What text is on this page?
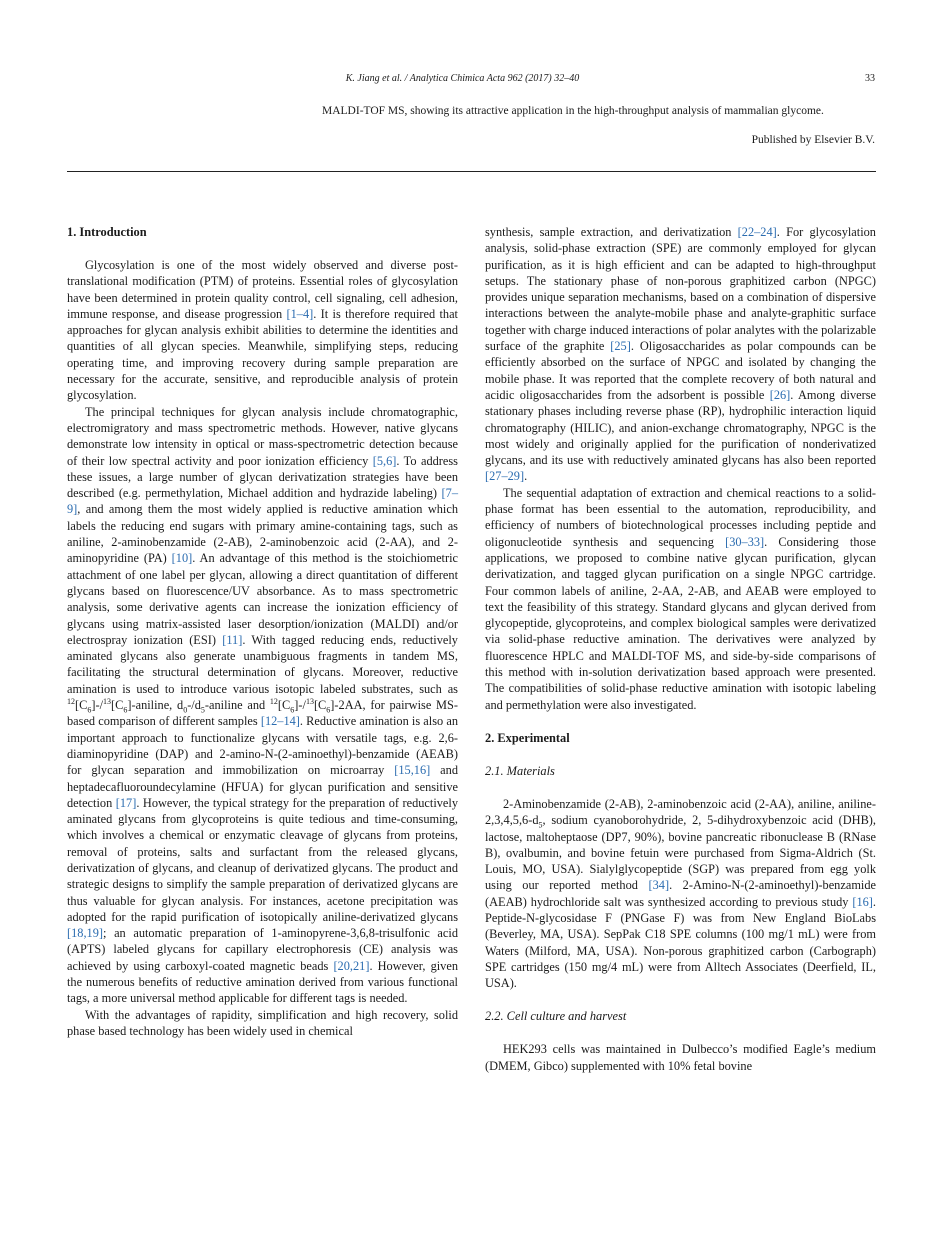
K. Jiang et al. / Analytica Chimica Acta 962 (2017) 32–40	33
MALDI-TOF MS, showing its attractive application in the high-throughput analysis of mammalian glycome.
Published by Elsevier B.V.
1. Introduction

Glycosylation is one of the most widely observed and diverse post-translational modification (PTM) of proteins. Essential roles of glycosylation have been determined in protein quality control, cell signaling, cell adhesion, immune response, and disease progression [1–4]. It is therefore required that approaches for glycan analysis exhibit abilities to determine the identities and quantities of all glycan species. Meanwhile, simplifying steps, reducing operating time, and improving recovery during sample preparation are necessary for the accurate, sensitive, and reproducible analysis of protein glycosylation.

The principal techniques for glycan analysis include chromatographic, electromigratory and mass spectrometric methods. However, native glycans demonstrate low intensity in optical or mass-spectrometric detection because of their low spectral activity and poor ionization efficiency [5,6]. To address these issues, a large number of glycan derivatization strategies have been described (e.g. permethylation, Michael addition and hydrazide labeling) [7–9], and among them the most widely applied is reductive amination which labels the reducing end sugars with primary amine-containing tags, such as aniline, 2-aminobenzamide (2-AB), 2-aminobenzoic acid (2-AA), and 2-aminopyridine (PA) [10]. An advantage of this method is the stoichiometric attachment of one label per glycan, allowing a direct quantitation of different glycans based on fluorescence/UV absorbance. As to mass spectrometric analysis, some derivative agents can increase the ionization efficiency of glycans using matrix-assisted laser desorption/ionization (MALDI) and/or electrospray ionization (ESI) [11]. With tagged reducing ends, reductively aminated glycans also generate unambiguous fragments in tandem MS, facilitating the structural determination of glycans. Moreover, reductive amination is used to introduce various isotopic labeled substrates, such as $^{12}[C_6]-/^{13}[C_6]$-aniline, $d_0-/d_5$-aniline and $^{12}[C_6]-/^{13}[C_6]-2AA$, for pairwise MS-based comparison of different samples [12–14]. Reductive amination is also an important approach to functionalize glycans with versatile tags, e.g. 2,6-diaminopyridine (DAP) and 2-amino-N-(2-aminoethyl)-benzamide (AEAB) for glycan separation and immobilization on microarray [15,16] and heptadecafluoroundecylamine (HFUA) for glycan purification and sensitive detection [17]. However, the typical strategy for the preparation of reductively aminated glycans from glycoproteins is quite tedious and time-consuming, which involves a chemical or enzymatic cleavage of glycans from proteins, removal of proteins, salts and surfactant from the released glycans, derivatization of glycans, and cleanup of derivatized glycans. The product and strategic designs to simplify the sample preparation of derivatized glycans are thus valuable for glycan analysis. For instances, acetone precipitation was adopted for the rapid purification of isotopically aniline-derivatized glycans [18,19]; an automatic preparation of 1-aminopyrene-3,6,8-trisulfonic acid (APTS) labeled glycans for capillary electrophoresis (CE) analysis was achieved by using carboxyl-coated magnetic beads [20,21]. However, given the numerous benefits of reductive amination derived from various functional tags, a more universal method applicable for different tags is needed.

With the advantages of rapidity, simplification and high recovery, solid phase based technology has been widely used in chemical

synthesis, sample extraction, and derivatization [22–24]. For glycosylation analysis, solid-phase extraction (SPE) are commonly employed for glycan purification, as it is high efficient and can be adapted to high-throughput setups. The stationary phase of non-porous graphitized carbon (NPGC) provides unique separation mechanisms, based on a combination of dispersive interactions between the analyte-mobile phase and analyte-graphitic surface together with charge induced interactions of polar analytes with the polarizable surface of the graphite [25]. Oligosaccharides as polar compounds can be efficiently absorbed on the surface of NPGC and isolated by changing the mobile phase. It was reported that the complete recovery of both natural and acidic oligosaccharides from the adsorbent is possible [26]. Among diverse stationary phases including reverse phase (RP), hydrophilic interaction liquid chromatography (HILIC), and anion-exchange chromatography, NPGC is the most widely and originally applied for the purification of nonderivatized glycans, and its use with reductively aminated glycans has also been reported [27–29].

The sequential adaptation of extraction and chemical reactions to a solid-phase format has been essential to the automation, reproducibility, and efficiency of numbers of biotechnological processes including peptide and oligonucleotide synthesis and sequencing [30–33]. Considering those applications, we proposed to combine native glycan purification, glycan derivatization, and tagged glycan purification on a single NPGC cartridge. Four common labels of aniline, 2-AA, 2-AB, and AEAB were employed to text the feasibility of this strategy. Standard glycans and glycan derived from glycopeptide, glycoproteins, and complex biological samples were derivatized via solid-phase reductive amination. The derivatives were analyzed by fluorescence HPLC and MALDI-TOF MS, and side-by-side comparisons of this method with in-solution derivatization based approach were presented. The compatibilities of solid-phase reductive amination with isotopic labeling and permethylation were also investigated.

2. Experimental
2.1. Materials

2-Aminobenzamide (2-AB), 2-aminobenzoic acid (2-AA), aniline, aniline-$2,3,4,5,6-d_5$, sodium cyanoborohydride, 2, 5-dihydroxybenzoic acid (DHB), lactose, maltoheptaose (DP7, 90%), bovine pancreatic ribonuclease B (RNase B), ovalbumin, and bovine fetuin were purchased from Sigma-Aldrich (St. Louis, MO, USA). Sialylglycopeptide (SGP) was prepared from egg yolk using our reported method [34]. 2-Amino-N-(2-aminoethyl)-benzamide (AEAB) hydrochloride salt was synthesized according to previous study [16]. Peptide-N-glycosidase F (PNGase F) was from New England BioLabs (Beverley, MA, USA). SepPak C18 SPE columns (100 mg/1 mL) were from Waters (Milford, MA, USA). Non-porous graphitized carbon (Carbograph) SPE cartridges (150 mg/4 mL) were from Alltech Associates (Deerfield, IL, USA).

2.2. Cell culture and harvest

HEK293 cells was maintained in Dulbecco’s modified Eagle’s medium (DMEM, Gibco) supplemented with 10% fetal bovine
